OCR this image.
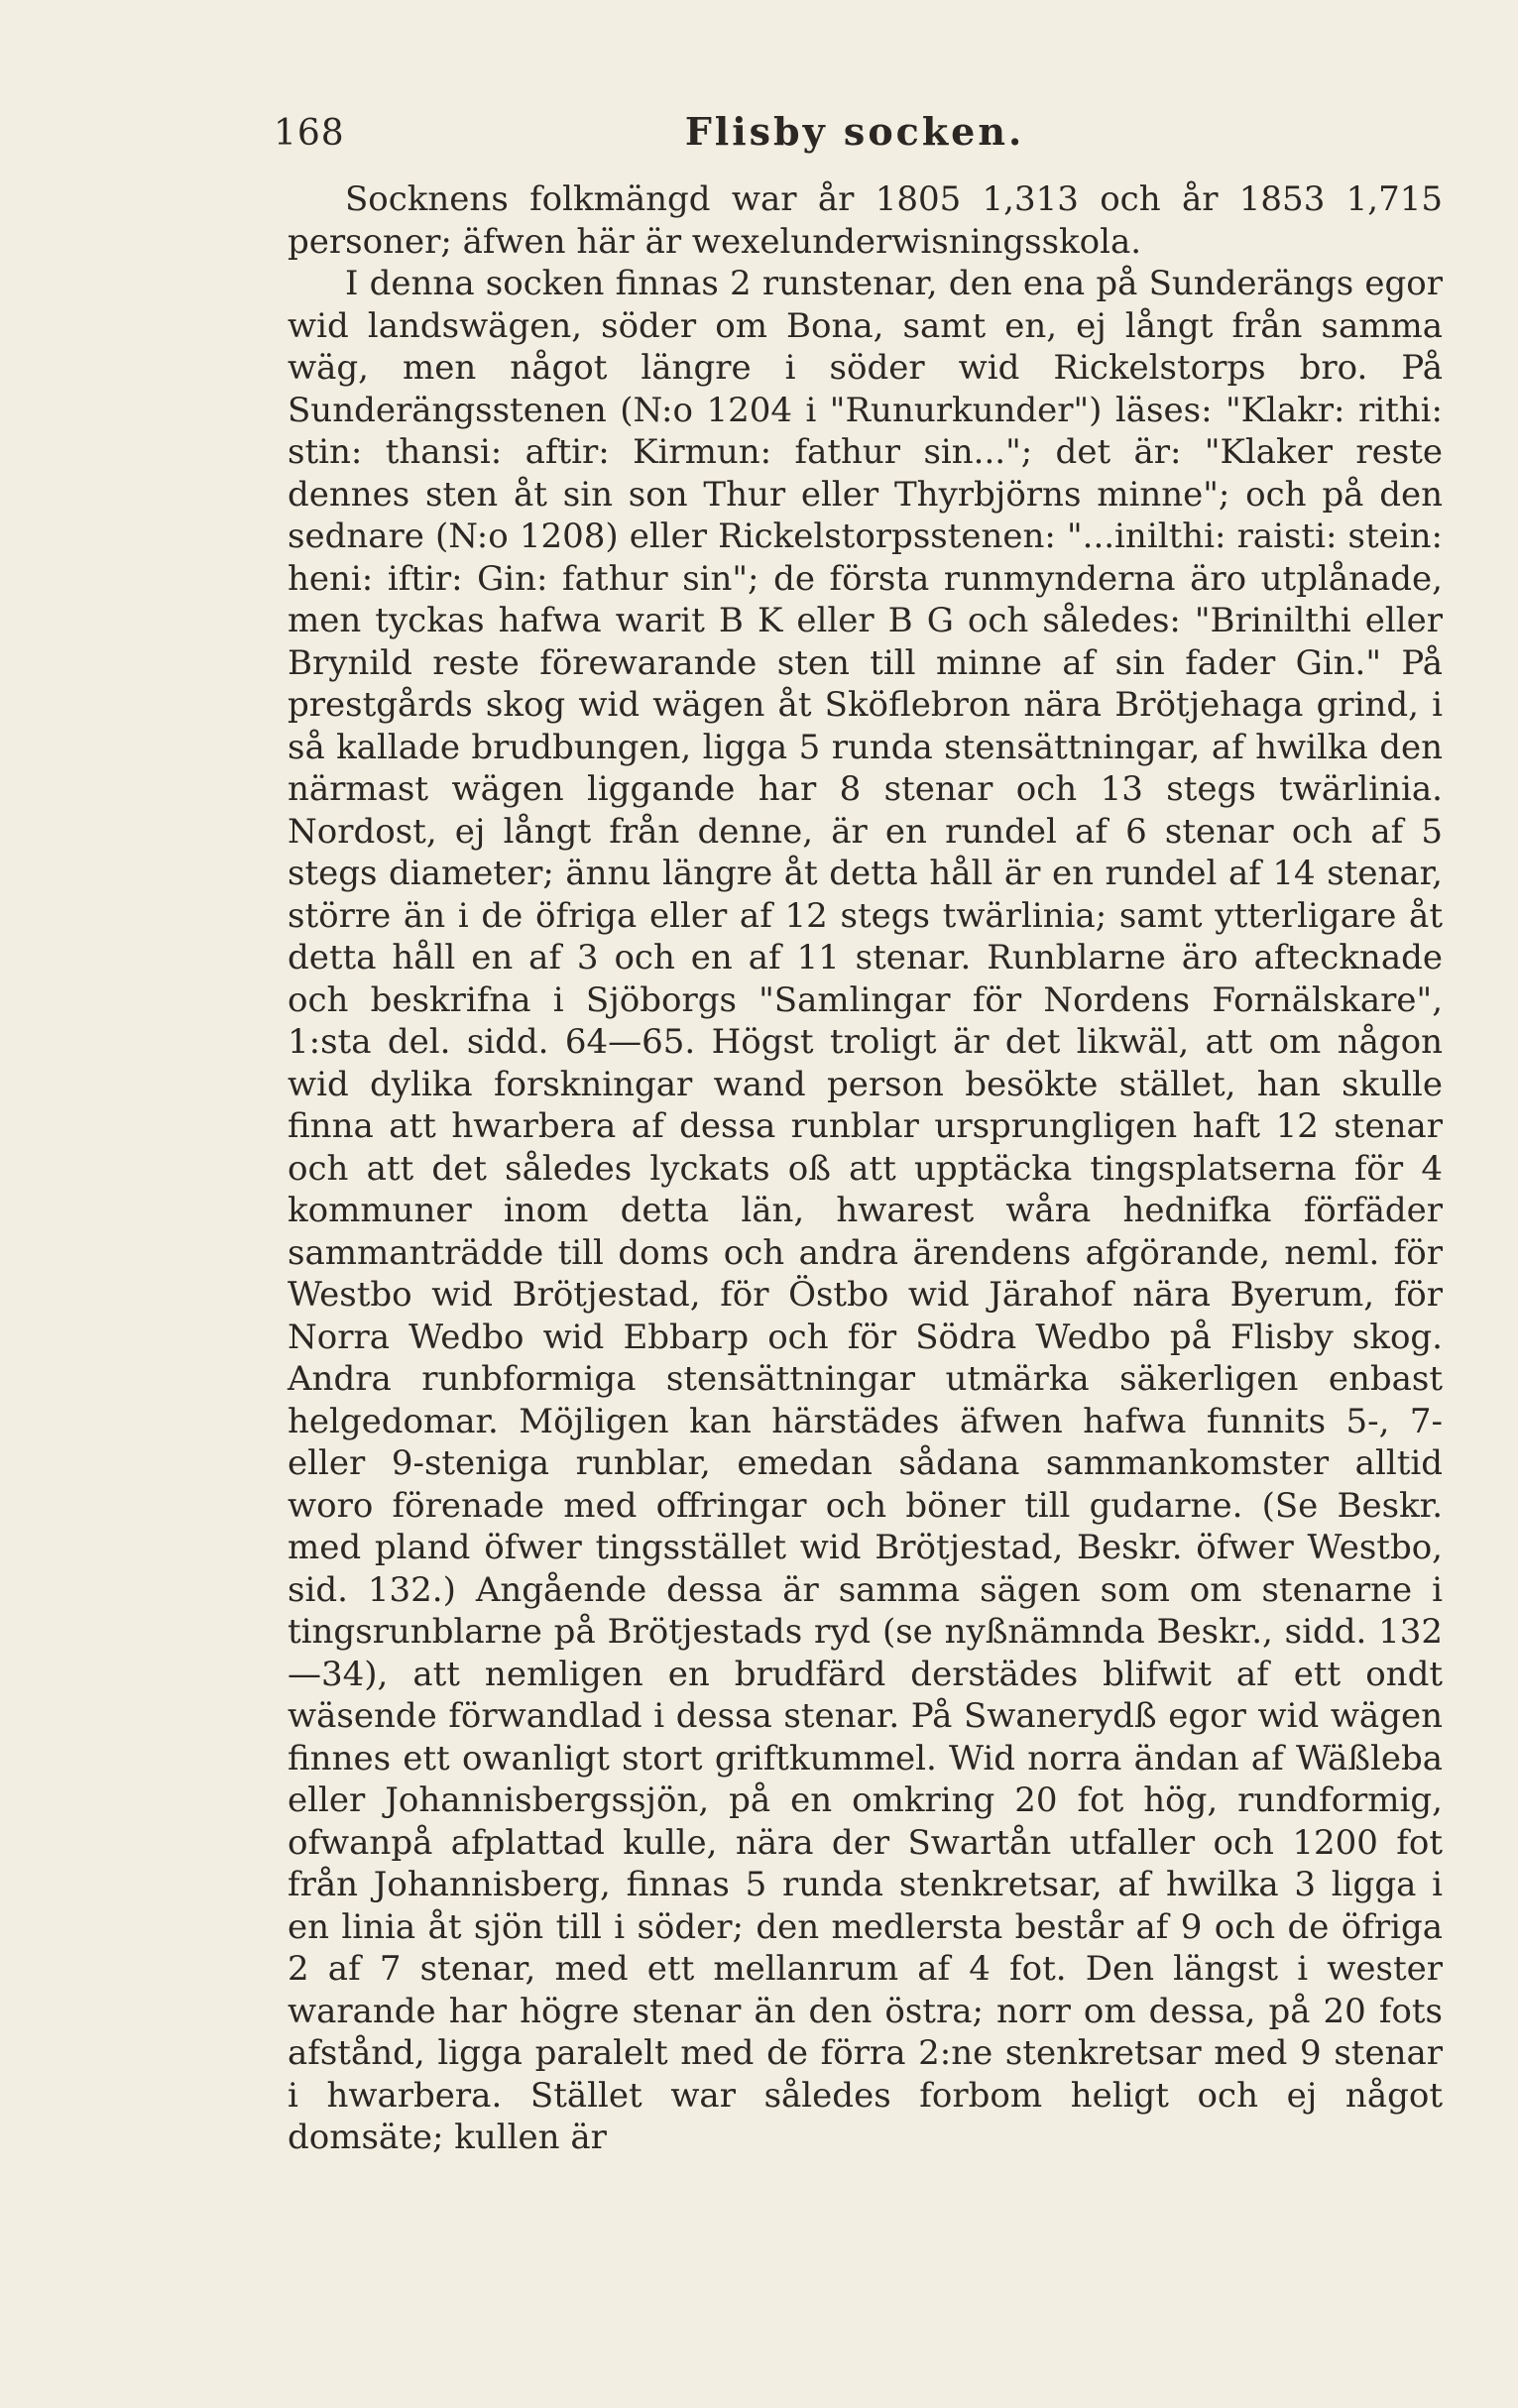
168	Flisby socken.

Socknens folkmängd war år 1805 1,313 och år 1853 1,715 personer; äfwen här är wexelunderwisningsskola.

I denna socken finnas 2 runstenar, den ena på Sunderängs egor wid landswägen, söder om Bona, samt en, ej långt från samma wäg, men något längre i söder wid Rickelstorps bro. På Sunderängsstenen (N:o 1204 i "Runurkunder") läses: "Klakr: rithi: stin: thansi: aftir: Kirmun: fathur sin..."; det är: "Klaker reste dennes sten åt sin son Thur eller Thyrbjörns minne"; och på den sednare (N:o 1208) eller Rickelstorpsstenen: "...inilthi: raisti: stein: heni: iftir: Gin: fathur sin"; de första runmynderna äro utplånade, men tyckas hafwa warit B K eller B G och således: "Brinilthi eller Brynild reste förewarande sten till minne af sin fader Gin." På prestgårds skog wid wägen åt Sköflebron nära Brötjehaga grind, i så kallade brudbungen, ligga 5 runda stensättningar, af hwilka den närmast wägen liggande har 8 stenar och 13 stegs twärlinia. Nordost, ej långt från denne, är en rundel af 6 stenar och af 5 stegs diameter; ännu längre åt detta håll är en rundel af 14 stenar, större än i de öfriga eller af 12 stegs twärlinia; samt ytterligare åt detta håll en af 3 och en af 11 stenar. Runblarne äro aftecknade och beskrifna i Sjöborgs "Samlingar för Nordens Fornälskare", 1:sta del. sidd. 64—65. Högst troligt är det likwäl, att om någon wid dylika forskningar wand person besökte stället, han skulle finna att hwarbera af dessa runblar ursprungligen haft 12 stenar och att det således lyckats oß att upptäcka tingsplatserna för 4 kommuner inom detta län, hwarest wåra hednifka förfäder sammanträdde till doms och andra ärendens afgörande, neml. för Westbo wid Brötjestad, för Östbo wid Järahof nära Byerum, för Norra Wedbo wid Ebbarp och för Södra Wedbo på Flisby skog. Andra runbformiga stensättningar utmärka säkerligen enbast helgedomar. Möjligen kan härstädes äfwen hafwa funnits 5-, 7- eller 9-steniga runblar, emedan sådana sammankomster alltid woro förenade med offringar och böner till gudarne. (Se Beskr. med pland öfwer tingsstället wid Brötjestad, Beskr. öfwer Westbo, sid. 132.) Angående dessa är samma sägen som om stenarne i tingsrunblarne på Brötjestads ryd (se nyßnämnda Beskr., sidd. 132—34), att nemligen en brudfärd derstädes blifwit af ett ondt wäsende förwandlad i dessa stenar. På Swanerydß egor wid wägen finnes ett owanligt stort griftkummel. Wid norra ändan af Wäßleba eller Johannisbergssjön, på en omkring 20 fot hög, rundformig, ofwanpå afplattad kulle, nära der Swartån utfaller och 1200 fot från Johannisberg, finnas 5 runda stenkretsar, af hwilka 3 ligga i en linia åt sjön till i söder; den medlersta består af 9 och de öfriga 2 af 7 stenar, med ett mellanrum af 4 fot. Den längst i wester warande har högre stenar än den östra; norr om dessa, på 20 fots afstånd, ligga paralelt med de förra 2:ne stenkretsar med 9 stenar i hwarbera. Stället war således forbom heligt och ej något domsäte; kullen är
